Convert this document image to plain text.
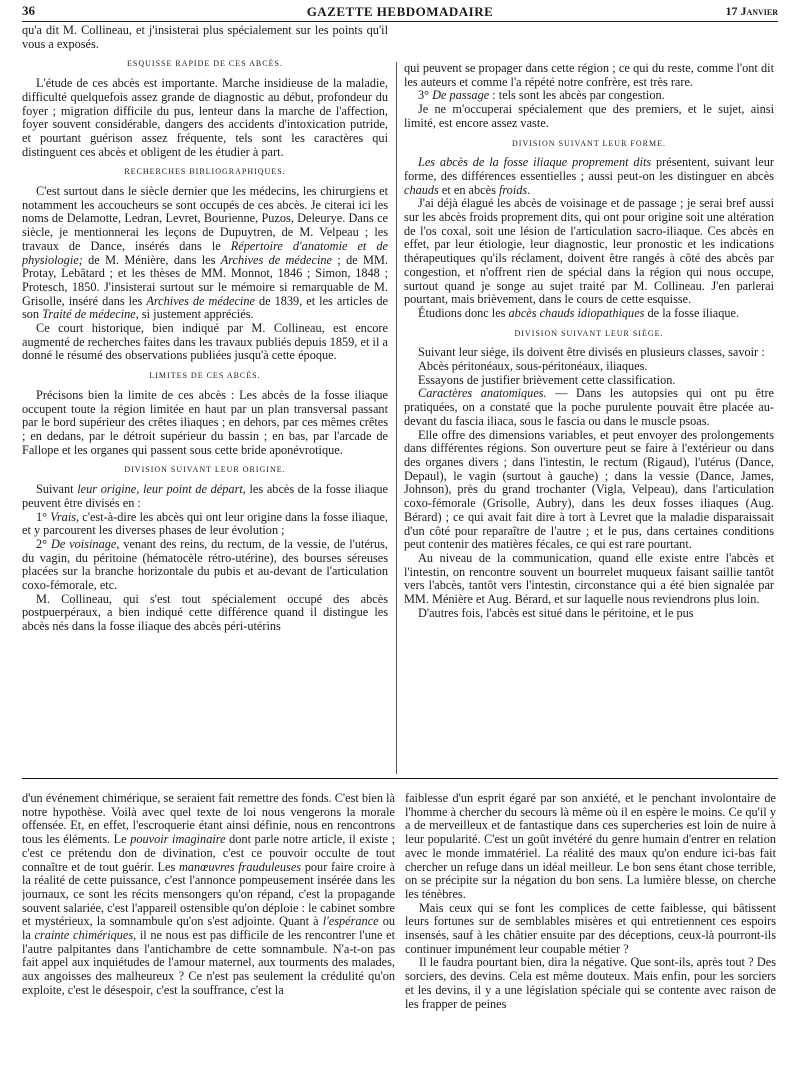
36	GAZETTE HEBDOMADAIRE	17 Janvier

qu'a dit M. Collineau, et j'insisterai plus spécialement sur les points qu'il vous a exposés.

ESQUISSE RAPIDE DE CES ABCÈS.

L'étude de ces abcès est importante. Marche insidieuse de la maladie, difficulté quelquefois assez grande de diagnostic au début, profondeur du foyer ; migration difficile du pus, lenteur dans la marche de l'affection, foyer souvent considérable, dangers des accidents d'intoxication putride, et pourtant guérison assez fréquente, tels sont les caractères qui distinguent ces abcès et obligent de les étudier à part.

RECHERCHES BIBLIOGRAPHIQUES.

C'est surtout dans le siècle dernier que les médecins, les chirurgiens et notamment les accoucheurs se sont occupés de ces abcès. Je citerai ici les noms de Delamotte, Ledran, Levret, Bourienne, Puzos, Deleurye. Dans ce siècle, je mentionnerai les leçons de Dupuytren, de M. Velpeau ; les travaux de Dance, insérés dans le Répertoire d'anatomie et de physiologie; de M. Ménière, dans les Archives de médecine ; de MM. Protay, Lebâtard ; et les thèses de MM. Monnot, 1846 ; Simon, 1848 ; Protesch, 1850. J'insisterai surtout sur le mémoire si remarquable de M. Grisolle, inséré dans les Archives de médecine de 1839, et les articles de son Traité de médecine, si justement appréciés.

Ce court historique, bien indiqué par M. Collineau, est encore augmenté de recherches faites dans les travaux publiés depuis 1859, et il a donné le résumé des observations publiées jusqu'à cette époque.

LIMITES DE CES ABCÈS.

Précisons bien la limite de ces abcès : Les abcès de la fosse iliaque occupent toute la région limitée en haut par un plan transversal passant par le bord supérieur des crêtes iliaques ; en dehors, par ces mêmes crêtes ; en dedans, par le détroit supérieur du bassin ; en bas, par l'arcade de Fallope et les organes qui passent sous cette bride aponévrotique.

DIVISION SUIVANT LEUR ORIGINE.

Suivant leur origine, leur point de départ, les abcès de la fosse iliaque peuvent être divisés en :

1° Vrais, c'est-à-dire les abcès qui ont leur origine dans la fosse iliaque, et y parcourent les diverses phases de leur évolution ;

2° De voisinage, venant des reins, du rectum, de la vessie, de l'utérus, du vagin, du péritoine (hématocèle rétro-utérine), des bourses séreuses placées sur la branche horizontale du pubis et au-devant de l'articulation coxo-fémorale, etc.

M. Collineau, qui s'est tout spécialement occupé des abcès postpuerpéraux, a bien indiqué cette différence quand il distingue les abcès nés dans la fosse iliaque des abcès péri-utérins

qui peuvent se propager dans cette région ; ce qui du reste, comme l'ont dit les auteurs et comme l'a répété notre confrère, est très rare.

3° De passage : tels sont les abcès par congestion.

Je ne m'occuperai spécialement que des premiers, et le sujet, ainsi limité, est encore assez vaste.

DIVISION SUIVANT LEUR FORME.

Les abcès de la fosse iliaque proprement dits présentent, suivant leur forme, des différences essentielles ; aussi peut-on les distinguer en abcès chauds et en abcès froids.

J'ai déjà élagué les abcès de voisinage et de passage ; je serai bref aussi sur les abcès froids proprement dits, qui ont pour origine soit une altération de l'os coxal, soit une lésion de l'articulation sacro-iliaque. Ces abcès en effet, par leur étiologie, leur diagnostic, leur pronostic et les indications thérapeutiques qu'ils réclament, doivent être rangés à côté des abcès par congestion, et n'offrent rien de spécial dans la région qui nous occupe, surtout quand je songe au sujet traité par M. Collineau. J'en parlerai pourtant, mais brièvement, dans le cours de cette esquisse.

Étudions donc les abcès chauds idiopathiques de la fosse iliaque.

DIVISION SUIVANT LEUR SIÈGE.

Suivant leur siége, ils doivent être divisés en plusieurs classes, savoir :

Abcès péritonéaux, sous-péritonéaux, iliaques.

Essayons de justifier brièvement cette classification.

Caractères anatomiques. — Dans les autopsies qui ont pu être pratiquées, on a constaté que la poche purulente pouvait être placée au-devant du fascia iliaca, sous le fascia ou dans le muscle psoas.

Elle offre des dimensions variables, et peut envoyer des prolongements dans différentes régions. Son ouverture peut se faire à l'extérieur ou dans des organes divers ; dans l'intestin, le rectum (Rigaud), l'utérus (Dance, Depaul), le vagin (surtout à gauche) ; dans la vessie (Dance, James, Johnson), près du grand trochanter (Vigla, Velpeau), dans l'articulation coxo-fémorale (Grisolle, Aubry), dans les deux fosses iliaques (Aug. Bérard) ; ce qui avait fait dire à tort à Levret que la maladie disparaissait d'un côté pour reparaître de l'autre ; et le pus, dans certaines conditions peut contenir des matières fécales, ce qui est rare pourtant.

Au niveau de la communication, quand elle existe entre l'abcès et l'intestin, on rencontre souvent un bourrelet muqueux faisant saillie tantôt vers l'abcès, tantôt vers l'intestin, circonstance qui a été bien signalée par MM. Ménière et Aug. Bérard, et sur laquelle nous reviendrons plus loin.

D'autres fois, l'abcès est situé dans le péritoine, et le pus

d'un événement chimérique, se seraient fait remettre des fonds. C'est bien là notre hypothèse. Voilà avec quel texte de loi nous vengerons la morale offensée. Et, en effet, l'escroquerie étant ainsi définie, nous en rencontrons tous les éléments. Le pouvoir imaginaire dont parle notre article, il existe ; c'est ce prétendu don de divination, c'est ce pouvoir occulte de tout connaître et de tout guérir. Les manœuvres frauduleuses pour faire croire à la réalité de cette puissance, c'est l'annonce pompeusement insérée dans les journaux, ce sont les récits mensongers qu'on répand, c'est la propagande souvent salariée, c'est l'appareil ostensible qu'on déploie : le cabinet sombre et mystérieux, la somnambule qu'on s'est adjointe. Quant à l'espérance ou la crainte chimériques, il ne nous est pas difficile de les rencontrer l'une et l'autre palpitantes dans l'antichambre de cette somnambule. N'a-t-on pas fait appel aux inquiétudes de l'amour maternel, aux tourments des malades, aux angoisses des malheureux ? Ce n'est pas seulement la crédulité qu'on exploite, c'est le désespoir, c'est la souffrance, c'est la

faiblesse d'un esprit égaré par son anxiété, et le penchant involontaire de l'homme à chercher du secours là même où il en espère le moins. Ce qu'il y a de merveilleux et de fantastique dans ces supercheries est loin de nuire à leur popularité. C'est un goût invétéré du genre humain d'entrer en relation avec le monde immatériel. La réalité des maux qu'on endure ici-bas fait chercher un refuge dans un idéal meilleur. Le bon sens étant chose terrible, on se précipite sur la négation du bon sens. La lumière blesse, on cherche les ténèbres.

Mais ceux qui se font les complices de cette faiblesse, qui bâtissent leurs fortunes sur de semblables misères et qui entretiennent ces espoirs insensés, sauf à les châtier ensuite par des déceptions, ceux-là pourront-ils continuer impunément leur coupable métier ?

Il le faudra pourtant bien, dira la négative. Que sont-ils, après tout ? Des sorciers, des devins. Cela est même douteux. Mais enfin, pour les sorciers et les devins, il y a une législation spéciale qui se contente avec raison de les frapper de peines
